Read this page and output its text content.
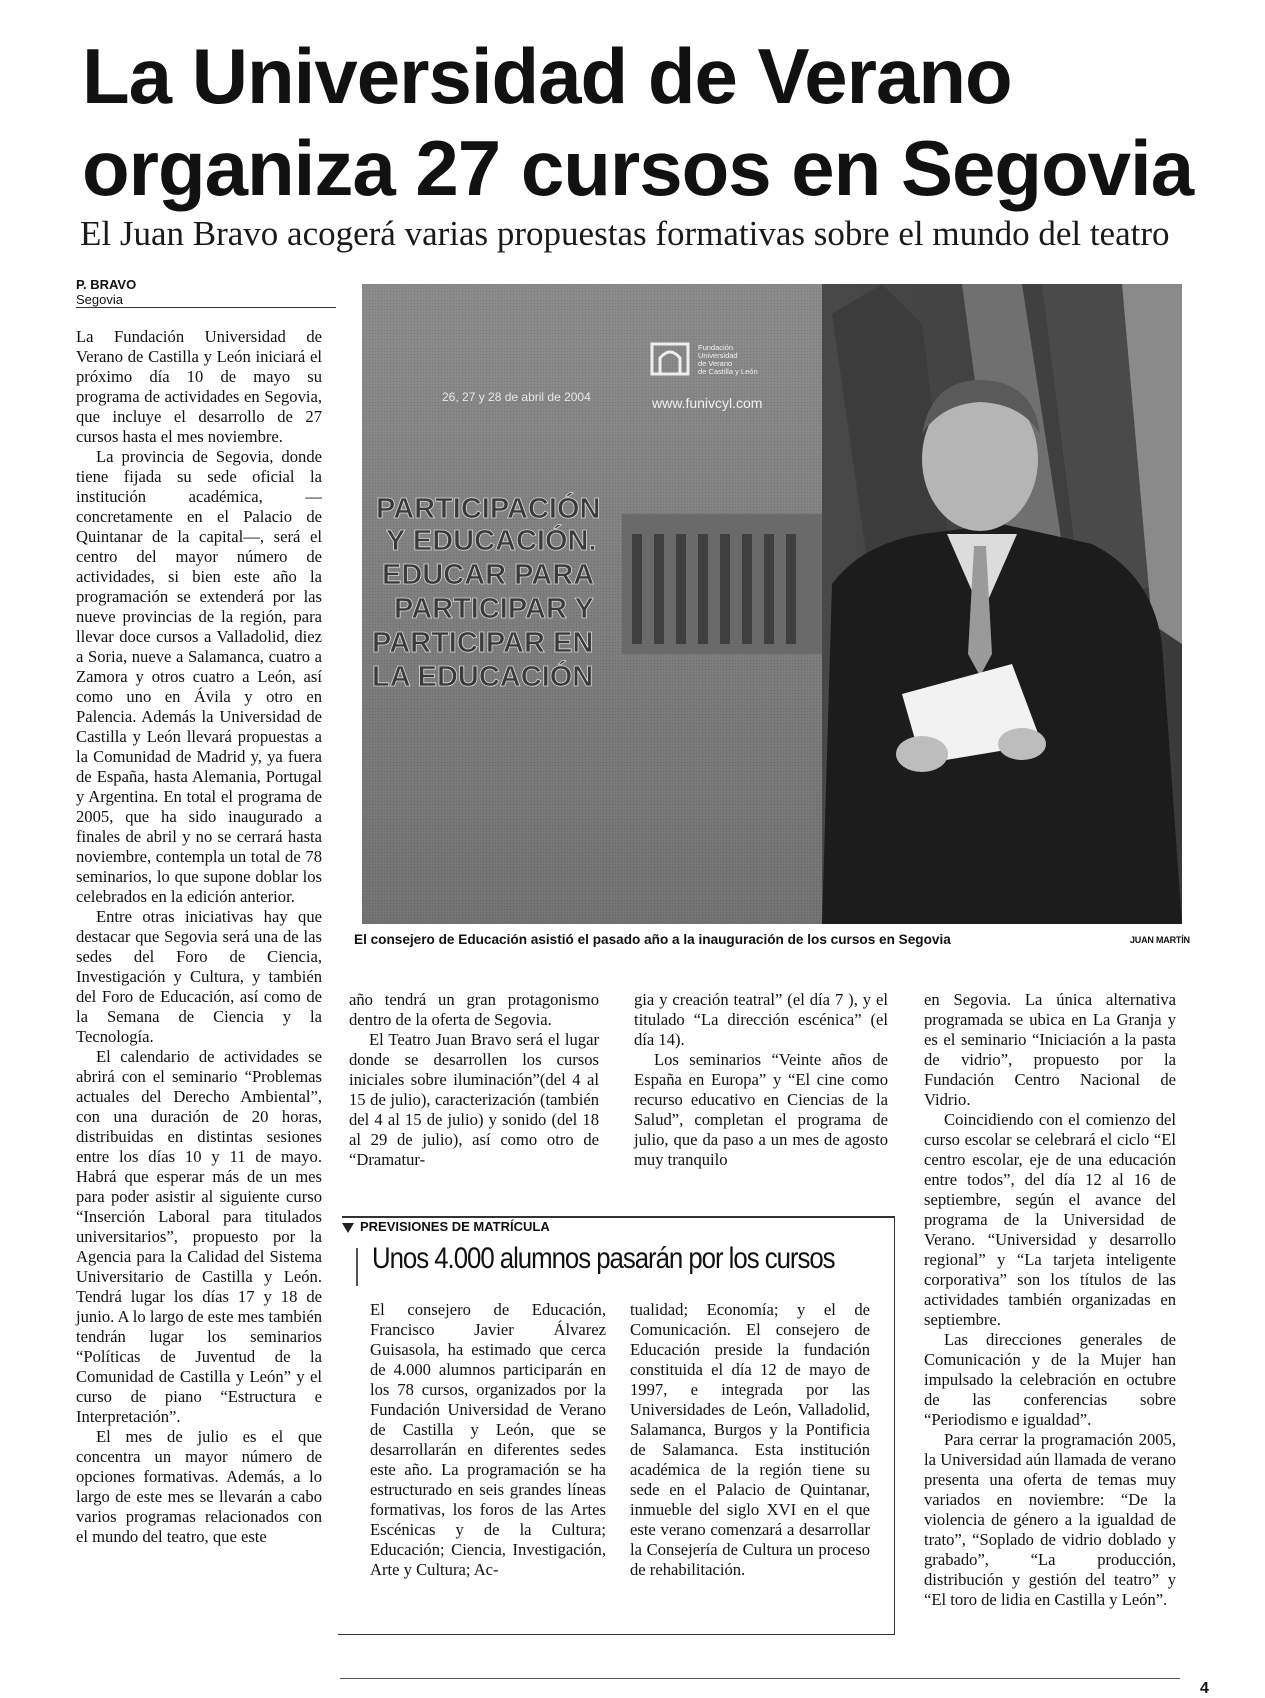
La Universidad de Verano
organiza 27 cursos en Segovia
El Juan Bravo acogerá varias propuestas formativas sobre el mundo del teatro
P. BRAVO
Segovia

La Fundación Universidad de Verano de Castilla y León iniciará el próximo día 10 de mayo su programa de actividades en Segovia, que incluye el desarrollo de 27 cursos hasta el mes noviembre.

La provincia de Segovia, donde tiene fijada su sede oficial la institución académica, —concretamente en el Palacio de Quintanar de la capital—, será el centro del mayor número de actividades, si bien este año la programación se extenderá por las nueve provincias de la región, para llevar doce cursos a Valladolid, diez a Soria, nueve a Salamanca, cuatro a Zamora y otros cuatro a León, así como uno en Ávila y otro en Palencia. Además la Universidad de Castilla y León llevará propuestas a la Comunidad de Madrid y, ya fuera de España, hasta Alemania, Portugal y Argentina. En total el programa de 2005, que ha sido inaugurado a finales de abril y no se cerrará hasta noviembre, contempla un total de 78 seminarios, lo que supone doblar los celebrados en la edición anterior.

Entre otras iniciativas hay que destacar que Segovia será una de las sedes del Foro de Ciencia, Investigación y Cultura, y también del Foro de Educación, así como de la Semana de Ciencia y la Tecnología.

El calendario de actividades se abrirá con el seminario “Problemas actuales del Derecho Ambiental”, con una duración de 20 horas, distribuidas en distintas sesiones entre los días 10 y 11 de mayo. Habrá que esperar más de un mes para poder asistir al siguiente curso “Inserción Laboral para titulados universitarios”, propuesto por la Agencia para la Calidad del Sistema Universitario de Castilla y León. Tendrá lugar los días 17 y 18 de junio. A lo largo de este mes también tendrán lugar los seminarios “Políticas de Juventud de la Comunidad de Castilla y León” y el curso de piano “Estructura e Interpretación”.

El mes de julio es el que concentra un mayor número de opciones formativas. Además, a lo largo de este mes se llevarán a cabo varios programas relacionados con el mundo del teatro, que este

Fundación Universidad de Verano de Castilla y León
26, 27 y 28 de abril de 2004	www.funivcyl.com
PARTICIPACIÓN
Y EDUCACIÓN.
EDUCAR PARA
PARTICIPAR Y
PARTICIPAR EN
LA EDUCACIÓN
El consejero de Educación asistió el pasado año a la inauguración de los cursos en Segovia	JUAN MARTÍN

año tendrá un gran protagonismo dentro de la oferta de Segovia.

El Teatro Juan Bravo será el lugar donde se desarrollen los cursos iniciales sobre iluminación”(del 4 al 15 de julio), caracterización (también del 4 al 15 de julio) y sonido (del 18 al 29 de julio), así como otro de “Dramatur-

gia y creación teatral” (el día 7 ), y el titulado “La dirección escénica” (el día 14).

Los seminarios “Veinte años de España en Europa” y “El cine como recurso educativo en Ciencias de la Salud”, completan el programa de julio, que da paso a un mes de agosto muy tranquilo

en Segovia. La única alternativa programada se ubica en La Granja y es el seminario “Iniciación a la pasta de vidrio”, propuesto por la Fundación Centro Nacional de Vidrio.

Coincidiendo con el comienzo del curso escolar se celebrará el ciclo “El centro escolar, eje de una educación entre todos”, del día 12 al 16 de septiembre, según el avance del programa de la Universidad de Verano. “Universidad y desarrollo regional” y “La tarjeta inteligente corporativa” son los títulos de las actividades también organizadas en septiembre.

Las direcciones generales de Comunicación y de la Mujer han impulsado la celebración en octubre de las conferencias sobre “Periodismo e igualdad”.

Para cerrar la programación 2005, la Universidad aún llamada de verano presenta una oferta de temas muy variados en noviembre: “De la violencia de género a la igualdad de trato”, “Soplado de vidrio doblado y grabado”, “La producción, distribución y gestión del teatro” y “El toro de lidia en Castilla y León”.

PREVISIONES DE MATRÍCULA
Unos 4.000 alumnos pasarán por los cursos

El consejero de Educación, Francisco Javier Álvarez Guisasola, ha estimado que cerca de 4.000 alumnos participarán en los 78 cursos, organizados por la Fundación Universidad de Verano de Castilla y León, que se desarrollarán en diferentes sedes este año. La programación se ha estructurado en seis grandes líneas formativas, los foros de las Artes Escénicas y de la Cultura; Educación; Ciencia, Investigación, Arte y Cultura; Ac-

tualidad; Economía; y el de Comunicación. El consejero de Educación preside la fundación constituida el día 12 de mayo de 1997, e integrada por las Universidades de León, Valladolid, Salamanca, Burgos y la Pontificia de Salamanca. Esta institución académica de la región tiene su sede en el Palacio de Quintanar, inmueble del siglo XVI en el que este verano comenzará a desarrollar la Consejería de Cultura un proceso de rehabilitación.

4
